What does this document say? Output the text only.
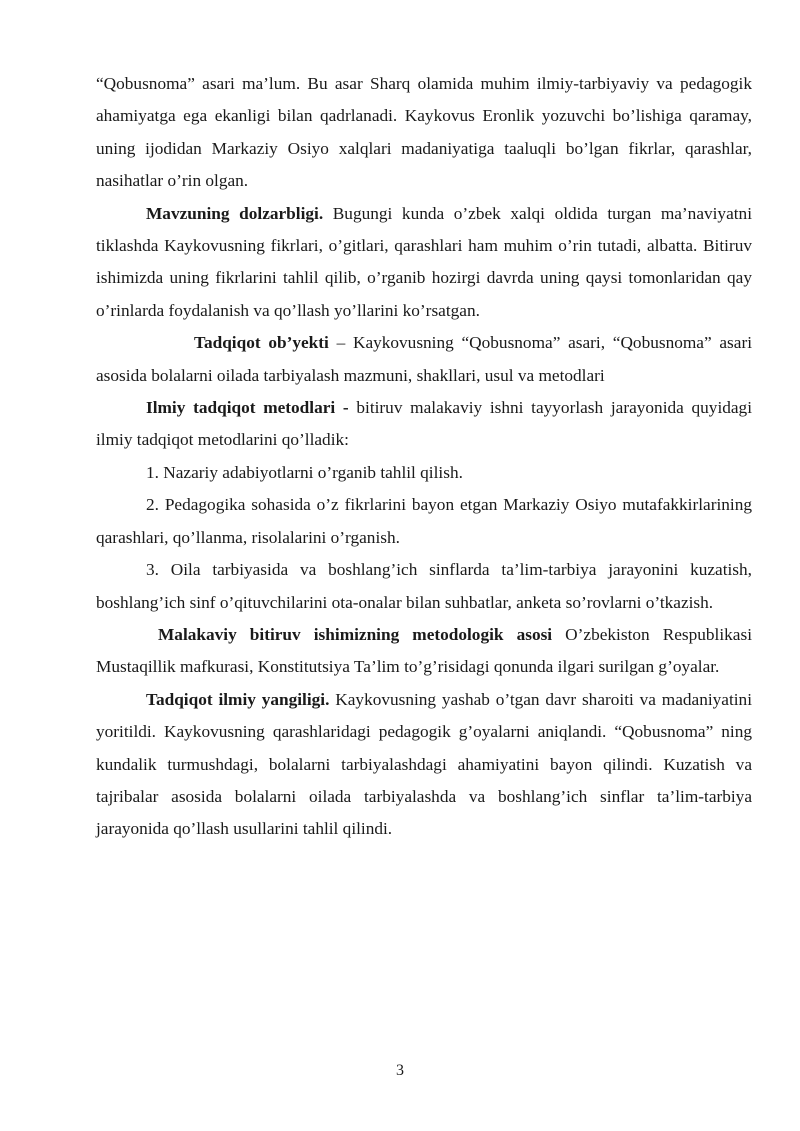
“Qobusnoma” asari ma’lum. Bu asar Sharq olamida muhim ilmiy-tarbiyaviy va pedagogik ahamiyatga ega ekanligi bilan qadrlanadi. Kaykovus Eronlik yozuvchi bo’lishiga qaramay, uning ijodidan Markaziy Osiyo xalqlari madaniyatiga taaluqli bo’lgan fikrlar, qarashlar, nasihatlar o’rin olgan.

Mavzuning dolzarbligi. Bugungi kunda o’zbek xalqi oldida turgan ma’naviyatni tiklashda Kaykovusning fikrlari, o’gitlari, qarashlari ham muhim o’rin tutadi, albatta. Bitiruv ishimizda uning fikrlarini tahlil qilib, o’rganib hozirgi davrda uning qaysi tomonlaridan qay o’rinlarda foydalanish va qo’llash yo’llarini ko’rsatgan.

Tadqiqot ob’yekti – Kaykovusning “Qobusnoma” asari, “Qobusnoma” asari asosida bolalarni oilada tarbiyalash mazmuni, shakllari, usul va metodlari

Ilmiy tadqiqot metodlari - bitiruv malakaviy ishni tayyorlash jarayonida quyidagi ilmiy tadqiqot metodlarini qo’lladik:

1. Nazariy adabiyotlarni o’rganib tahlil qilish.

2. Pedagogika sohasida o’z fikrlarini bayon etgan Markaziy Osiyo mutafakkirlarining qarashlari, qo’llanma, risolalarini o’rganish.

3. Oila tarbiyasida va boshlang’ich sinflarda ta’lim-tarbiya jarayonini kuzatish, boshlang’ich sinf o’qituvchilarini ota-onalar bilan suhbatlar, anketa so’rovlarni o’tkazish.

Malakaviy bitiruv ishimizning metodologik asosi O’zbekiston Respublikasi Mustaqillik mafkurasi, Konstitutsiya Ta’lim to’g’risidagi qonunda ilgari surilgan g’oyalar.

Tadqiqot ilmiy yangiligi. Kaykovusning yashab o’tgan davr sharoiti va madaniyatini yoritildi. Kaykovusning qarashlaridagi pedagogik g’oyalarni aniqlandi. “Qobusnoma” ning kundalik turmushdagi, bolalarni tarbiyalashdagi ahamiyatini bayon qilindi. Kuzatish va tajribalar asosida bolalarni oilada tarbiyalashda va boshlang’ich sinflar ta’lim-tarbiya jarayonida qo’llash usullarini tahlil qilindi.

3
